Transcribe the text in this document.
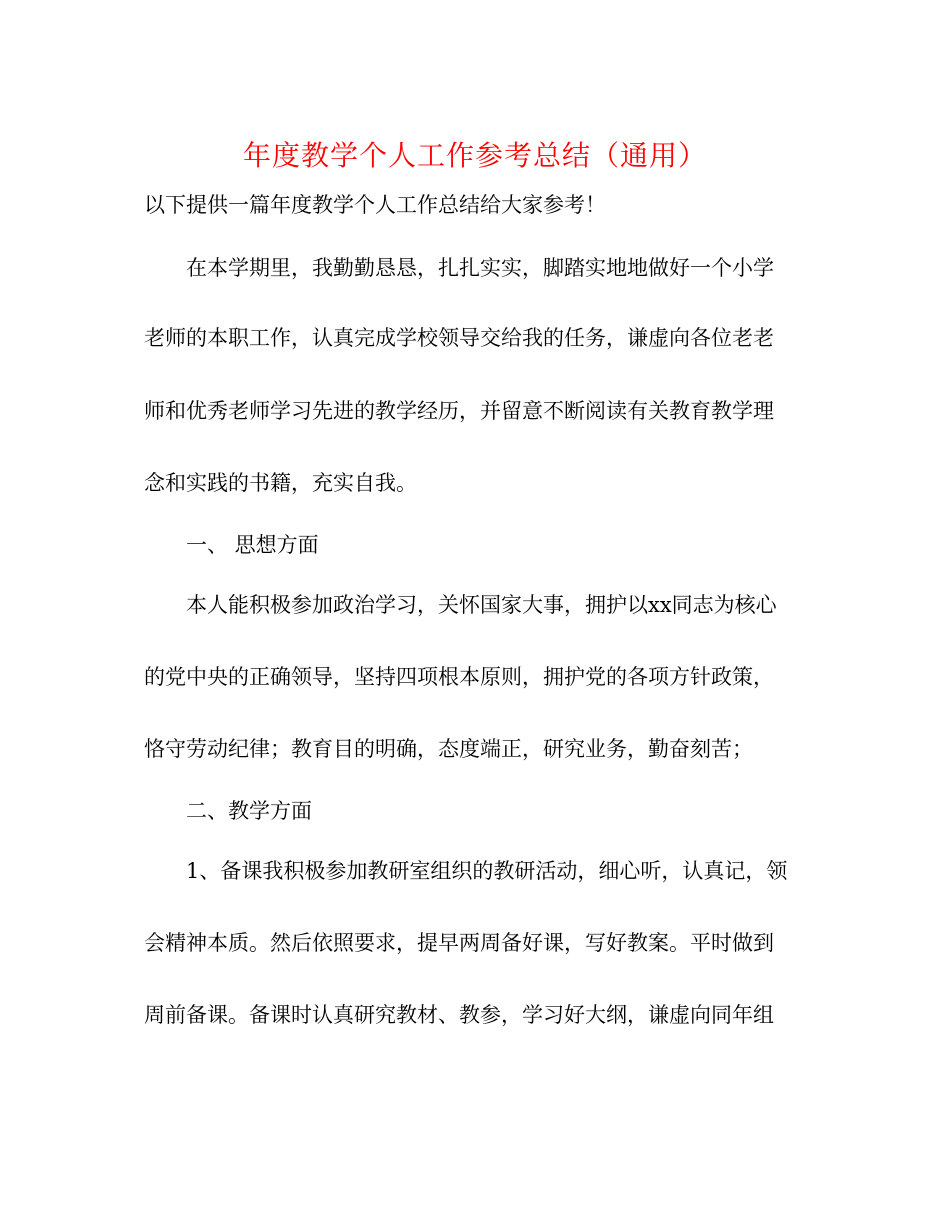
年度教学个人工作参考总结（通用）

以下提供一篇年度教学个人工作总结给大家参考！

在本学期里，我勤勤恳恳，扎扎实实，脚踏实地地做好一个小学

老师的本职工作，认真完成学校领导交给我的任务，谦虚向各位老老

师和优秀老师学习先进的教学经历，并留意不断阅读有关教育教学理

念和实践的书籍，充实自我。

一、 思想方面

本人能积极参加政治学习，关怀国家大事，拥护以xx同志为核心

的党中央的正确领导，坚持四项根本原则，拥护党的各项方针政策，

恪守劳动纪律；教育目的明确，态度端正，研究业务，勤奋刻苦；

二、教学方面

1、备课我积极参加教研室组织的教研活动，细心听，认真记，领

会精神本质。然后依照要求，提早两周备好课，写好教案。平时做到

周前备课。备课时认真研究教材、教参，学习好大纲，谦虚向同年组
